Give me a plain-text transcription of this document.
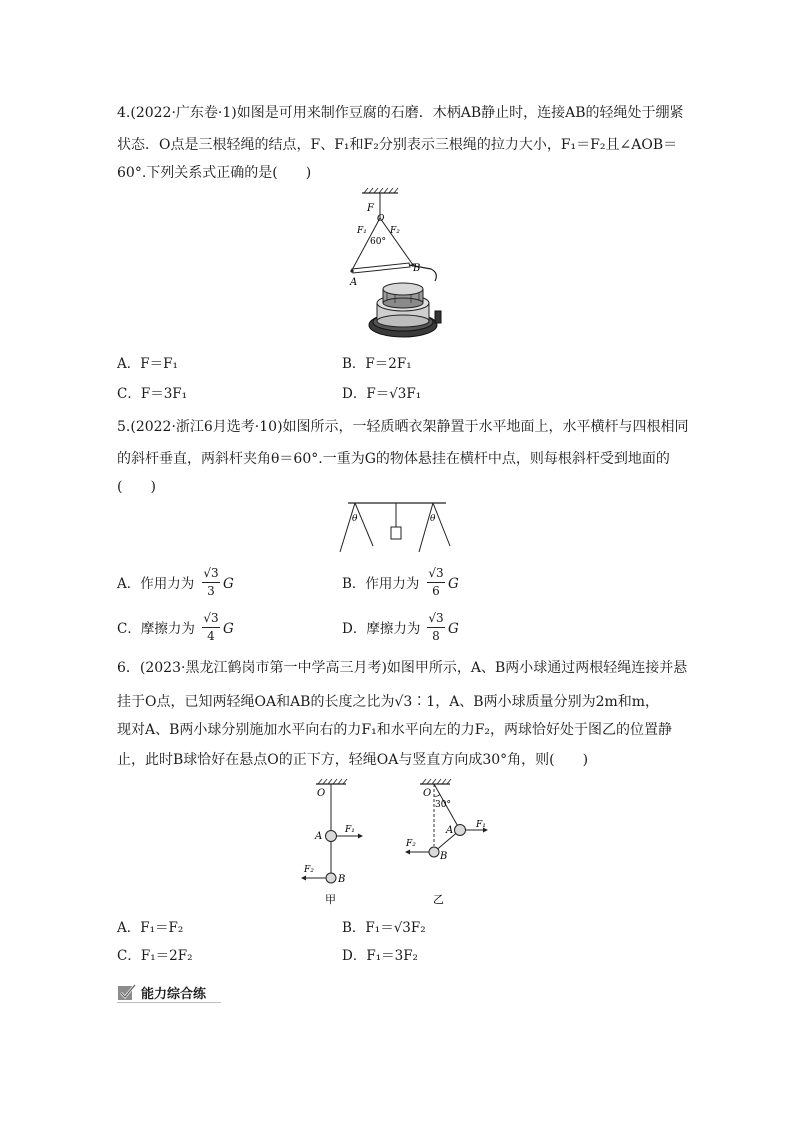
4.(2022·广东卷·1)如图是可用来制作豆腐的石磨．木柄AB静止时，连接AB的轻绳处于绷紧
状态．O点是三根轻绳的结点，F、F₁和F₂分别表示三根绳的拉力大小，F₁＝F₂且∠AOB＝
60°.下列关系式正确的是(　　)
F
O
F₁	F₂
60°
A
B
A．F＝F₁	B．F＝2F₁
C．F＝3F₁	D．F＝√3F₁
5.(2022·浙江6月选考·10)如图所示，一轻质晒衣架静置于水平地面上，水平横杆与四根相同
的斜杆垂直，两斜杆夹角θ＝60°.一重为G的物体悬挂在横杆中点，则每根斜杆受到地面的
(　　)
θ	θ
A．作用力为
√3
3 G	B．作用力为
√3
6 G
C．摩擦力为
√3
4 G	D．摩擦力为
√3
8 G
6．(2023·黑龙江鹤岗市第一中学高三月考)如图甲所示，A、B两小球通过两根轻绳连接并悬
挂于O点，已知两轻绳OA和AB的长度之比为√3∶1，A、B两小球质量分别为2m和m，
现对A、B两小球分别施加水平向右的力F₁和水平向左的力F₂，两球恰好处于图乙的位置静
止，此时B球恰好在悬点O的正下方，轻绳OA与竖直方向成30°角，则(　　)
O
A
B
F₁
F₂
甲
O
30°
A
B
F₁
F₂
乙
A．F₁＝F₂	B．F₁＝√3F₂
C．F₁＝2F₂	D．F₁＝3F₂
能力综合练
